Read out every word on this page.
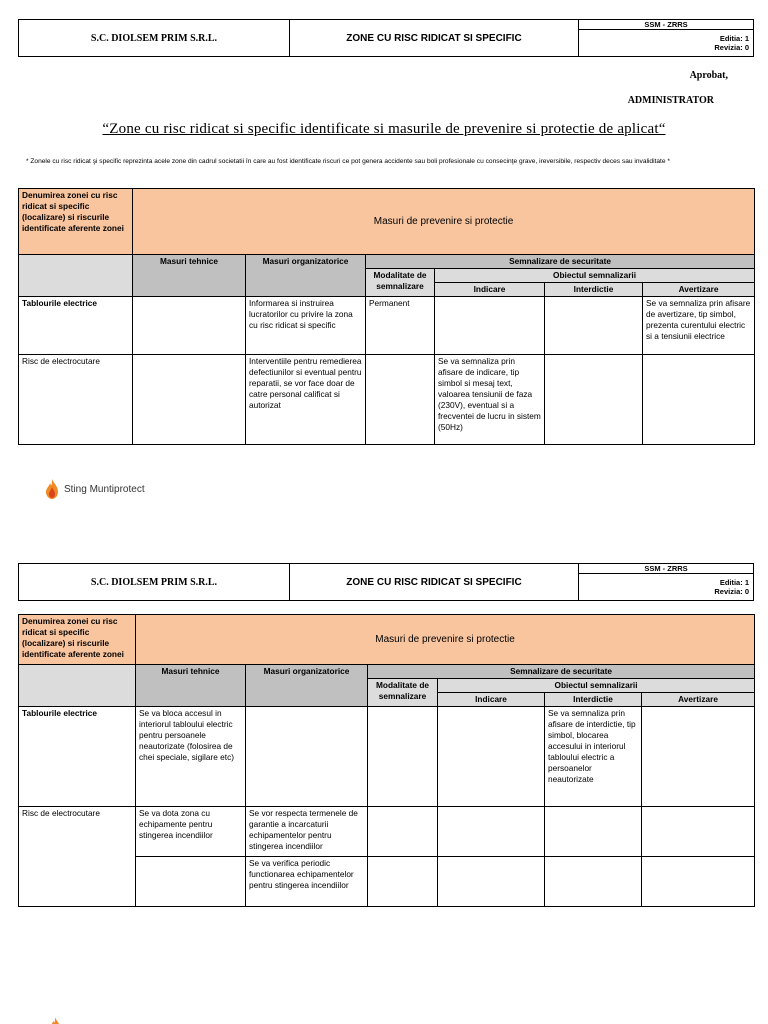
S.C. DIOLSEM PRIM S.R.L.	ZONE CU RISC RIDICAT SI SPECIFIC	SSM - ZRRS

Editia: 1
Revizia: 0
Aprobat,
ADMINISTRATOR
“Zone cu risc ridicat si specific identificate si masurile de prevenire si protectie de aplicat“
* Zonele cu risc ridicat şi specific reprezinta acele zone din cadrul societatii în care au fost identificate riscuri ce pot genera accidente sau boli profesionale cu consecinţe grave, ireversibile, respectiv deces sau invaliditate *
Denumirea zonei cu risc ridicat si specific (localizare) si riscurile identificate aferente zonei	Masuri de prevenire si protectie					
	Masuri tehnice	Masuri organizatorice	Semnalizare de securitate			
			Modalitate de semnalizare	Obiectul semnalizarii		
				Indicare	Interdictie	Avertizare
Tablourile electrice		Informarea si instruirea lucratorilor cu privire la zona cu risc ridicat si specific	Permanent			Se va semnaliza prin afisare de avertizare, tip simbol, prezenta curentului electric si a tensiunii electrice
Risc de electrocutare		Interventiile pentru remedierea defectiunilor si eventual pentru reparatii, se vor face doar de catre personal calificat si autorizat		Se va semnaliza prin afisare de indicare, tip simbol si mesaj text, valoarea tensiunii de faza (230V), eventual si a frecventei de lucru in sistem (50Hz)		
Sting Muntiprotect
S.C. DIOLSEM PRIM S.R.L.	ZONE CU RISC RIDICAT SI SPECIFIC	SSM - ZRRS

Editia: 1
Revizia: 0
Denumirea zonei cu risc ridicat si specific (localizare) si riscurile identificate aferente zonei	Masuri de prevenire si protectie					
	Masuri tehnice	Masuri organizatorice	Semnalizare de securitate			
			Modalitate de semnalizare	Obiectul semnalizarii		
				Indicare	Interdictie	Avertizare
Tablourile electrice	Se va bloca accesul in interiorul tabloului electric pentru persoanele neautorizate (folosirea de chei speciale, sigilare etc)				Se va semnaliza prin afisare de interdictie, tip simbol, blocarea accesului in interiorul tabloului electric a persoanelor neautorizate	
Risc de electrocutare	Se va dota zona cu echipamente pentru stingerea incendiilor	Se vor respecta termenele de garantie a incarcaturii echipamentelor pentru stingerea incendiilor				
		Se va verifica periodic functionarea echipamentelor pentru stingerea incendiilor				
